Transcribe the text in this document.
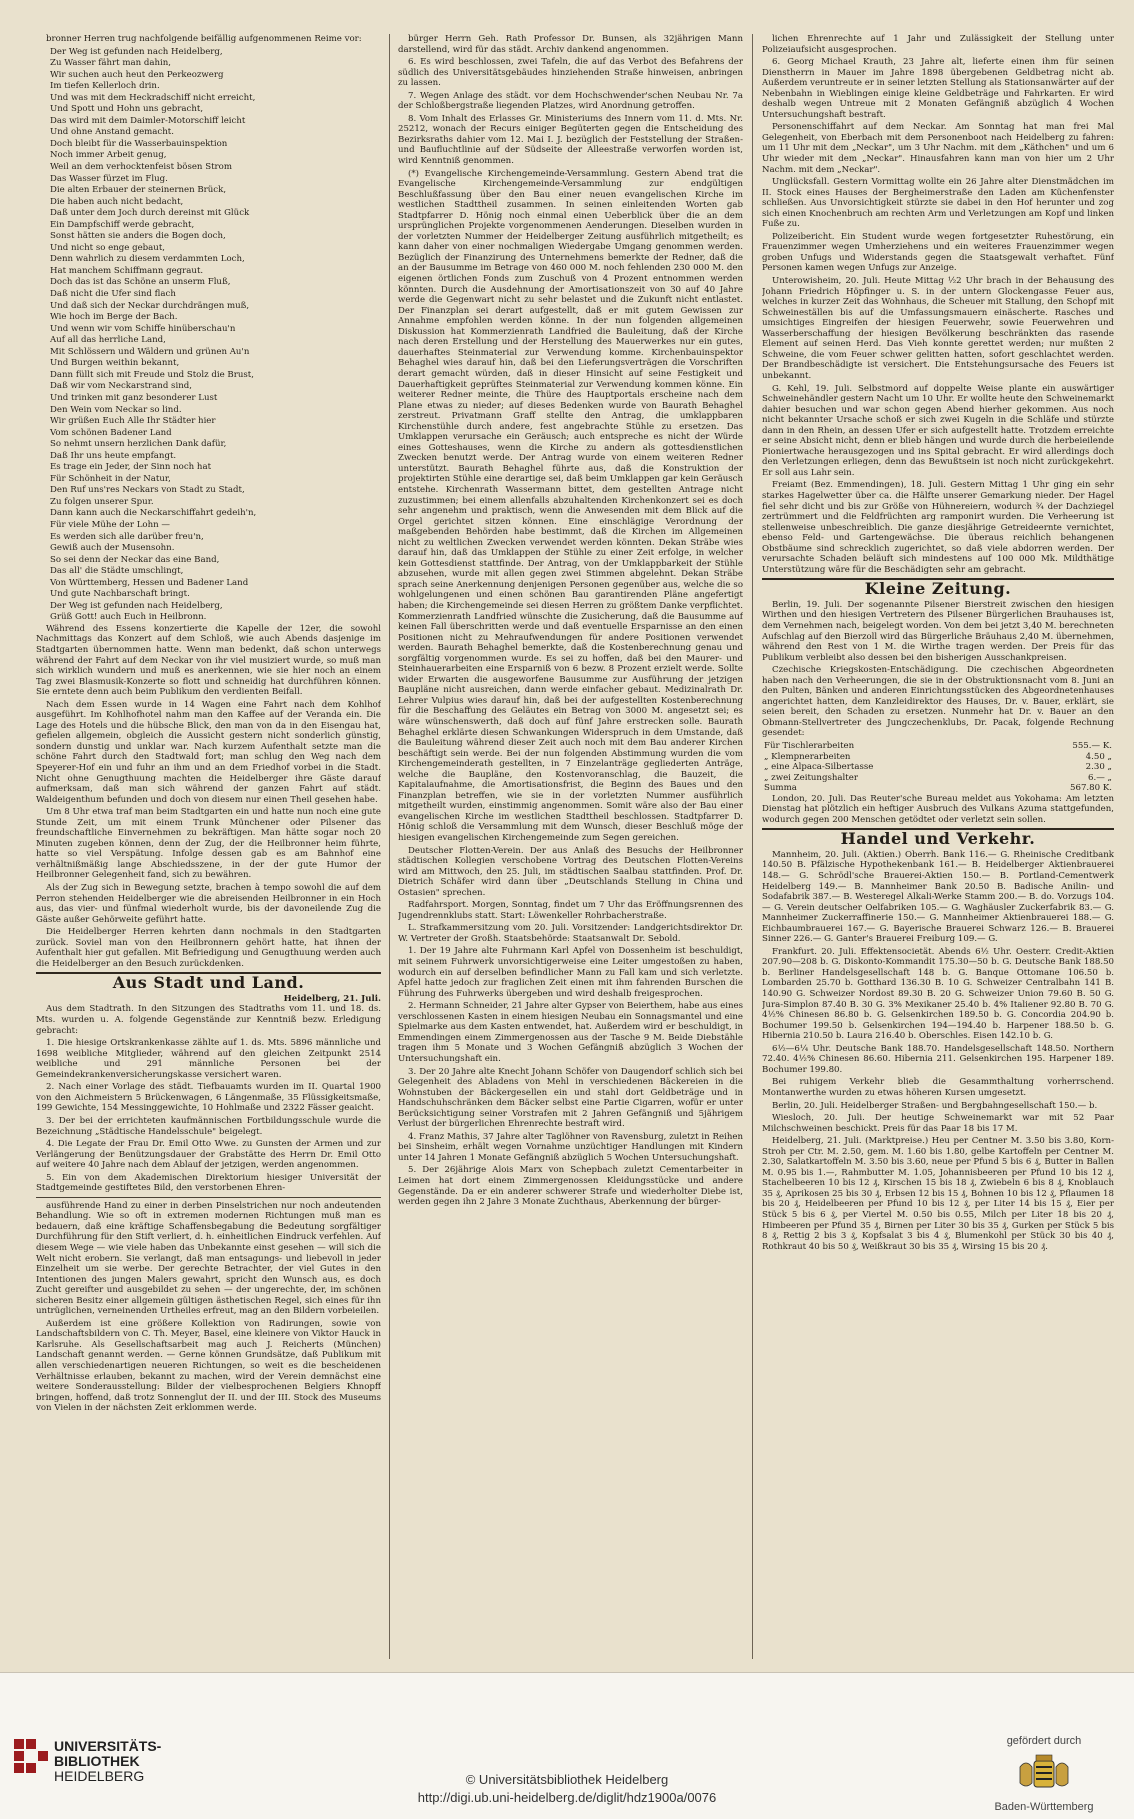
bronner Herren trug nachfolgende beifällig aufgenommenen Reime vor:

Der Weg ist gefunden nach Heidelberg,

Zu Wasser fährt man dahin,

Wir suchen auch heut den Perkeozwerg

Im tiefen Kellerloch drin.

Und was mit dem Heckradschiff nicht erreicht,

Und Spott und Hohn uns gebracht,

Das wird mit dem Daimler-Motorschiff leicht

Und ohne Anstand gemacht.

Doch bleibt für die Wasserbauinspektion

Noch immer Arbeit genug,

Weil an dem verhocktenfeist bösen Strom

Das Wasser fürzet im Flug.

Die alten Erbauer der steinernen Brück,

Die haben auch nicht bedacht,

Daß unter dem Joch durch dereinst mit Glück

Ein Dampfschiff werde gebracht,

Sonst hätten sie anders die Bogen doch,

Und nicht so enge gebaut,

Denn wahrlich zu diesem verdammten Loch,

Hat manchem Schiffmann gegraut.

Doch das ist das Schöne an unserm Fluß,

Daß nicht die Ufer sind flach

Und daß sich der Neckar durchdrängen muß,

Wie hoch im Berge der Bach.

Und wenn wir vom Schiffe hinüberschau'n

Auf all das herrliche Land,

Mit Schlössern und Wäldern und grünen Au'n

Und Burgen weithin bekannt,

Dann füllt sich mit Freude und Stolz die Brust,

Daß wir vom Neckarstrand sind,

Und trinken mit ganz besonderer Lust

Den Wein vom Neckar so lind.

Wir grüßen Euch Alle Ihr Städter hier

Vom schönen Badener Land

So nehmt unsern herzlichen Dank dafür,

Daß Ihr uns heute empfangt.

Es trage ein Jeder, der Sinn noch hat

Für Schönheit in der Natur,

Den Ruf uns'res Neckars von Stadt zu Stadt,

Zu folgen unserer Spur.

Dann kann auch die Neckarschiffahrt gedeih'n,

Für viele Mühe der Lohn —

Es werden sich alle darüber freu'n,

Gewiß auch der Musensohn.

So sei denn der Neckar das eine Band,

Das all' die Städte umschlingt,

Von Württemberg, Hessen und Badener Land

Und gute Nachbarschaft bringt.

Der Weg ist gefunden nach Heidelberg,

Grüß Gott! auch Euch in Heilbronn.

Während des Essens konzertierte die Kapelle der 12er, die sowohl Nachmittags das Konzert auf dem Schloß, wie auch Abends dasjenige im Stadtgarten übernommen hatte. Wenn man bedenkt, daß schon unterwegs während der Fahrt auf dem Neckar von ihr viel musiziert wurde, so muß man sich wirklich wundern und muß es anerkennen, wie sie hier noch an einem Tag zwei Blasmusik-Konzerte so flott und schneidig hat durchführen können. Sie erntete denn auch beim Publikum den verdienten Beifall.

Nach dem Essen wurde in 14 Wagen eine Fahrt nach dem Kohlhof ausgeführt. Im Kohlhofhotel nahm man den Kaffee auf der Veranda ein. Die Lage des Hotels und die hübsche Blick, den man von da in den Eisengau hat, gefielen allgemein, obgleich die Aussicht gestern nicht sonderlich günstig, sondern dunstig und unklar war. Nach kurzem Aufenthalt setzte man die schöne Fahrt durch den Stadtwald fort; man schlug den Weg nach dem Speyerer-Hof ein und fuhr an ihm und an dem Friedhof vorbei in die Stadt. Nicht ohne Genugthuung machten die Heidelberger ihre Gäste darauf aufmerksam, daß man sich während der ganzen Fahrt auf städt. Waldeigenthum befunden und doch von diesem nur einen Theil gesehen habe.

Um 8 Uhr etwa traf man beim Stadtgarten ein und hatte nun noch eine gute Stunde Zeit, um mit einem Trunk Münchener oder Pilsener das freundschaftliche Einvernehmen zu bekräftigen. Man hätte sogar noch 20 Minuten zugeben können, denn der Zug, der die Heilbronner heim führte, hatte so viel Verspätung. Infolge dessen gab es am Bahnhof eine verhältnißmäßig lange Abschiedsszene, in der der gute Humor der Heilbronner Gelegenheit fand, sich zu bewähren.

Als der Zug sich in Bewegung setzte, brachen à tempo sowohl die auf dem Perron stehenden Heidelberger wie die abreisenden Heilbronner in ein Hoch aus, das vier- und fünfmal wiederholt wurde, bis der davoneilende Zug die Gäste außer Gehörweite geführt hatte.

Die Heidelberger Herren kehrten dann nochmals in den Stadtgarten zurück. Soviel man von den Heilbronnern gehört hatte, hat ihnen der Aufenthalt hier gut gefallen. Mit Befriedigung und Genugthuung werden auch die Heidelberger an den Besuch zurückdenken.

Aus Stadt und Land.
Heidelberg, 21. Juli.

Aus dem Stadtrath. In den Sitzungen des Stadtraths vom 11. und 18. ds. Mts. wurden u. A. folgende Gegenstände zur Kenntniß bezw. Erledigung gebracht:

1. Die hiesige Ortskrankenkasse zählte auf 1. ds. Mts. 5896 männliche und 1698 weibliche Mitglieder, während auf den gleichen Zeitpunkt 2514 weibliche und 291 männliche Personen bei der Gemeindekrankenversicherungskasse versichert waren.

2. Nach einer Vorlage des städt. Tiefbauamts wurden im II. Quartal 1900 von den Aichmeistern 5 Brückenwagen, 6 Längenmaße, 35 Flüssigkeitsmaße, 199 Gewichte, 154 Messinggewichte, 10 Hohlmaße und 2322 Fässer geaicht.

3. Der bei der errichteten kaufmännischen Fortbildungsschule wurde die Bezeichnung „Städtische Handelsschule" beigelegt.

4. Die Legate der Frau Dr. Emil Otto Wwe. zu Gunsten der Armen und zur Verlängerung der Benützungsdauer der Grabstätte des Herrn Dr. Emil Otto auf weitere 40 Jahre nach dem Ablauf der jetzigen, werden angenommen.

5. Ein von dem Akademischen Direktorium hiesiger Universität der Stadtgemeinde gestiftetes Bild, den verstorbenen Ehren-

ausführende Hand zu einer in derben Pinselstrichen nur noch andeutenden Behandlung. Wie so oft in extremen modernen Richtungen muß man es bedauern, daß eine kräftige Schaffensbegabung die Bedeutung sorgfältiger Durchführung für den Stift verliert, d. h. einheitlichen Eindruck verfehlen. Auf diesem Wege — wie viele haben das Unbekannte einst gesehen — will sich die Welt nicht erobern. Sie verlangt, daß man entsagungs- und liebevoll in jeder Einzelheit um sie werbe. Der gerechte Betrachter, der viel Gutes in den Intentionen des jungen Malers gewahrt, spricht den Wunsch aus, es doch Zucht gereifter und ausgebildet zu sehen — der ungerechte, der, im schönen sicheren Besitz einer allgemein gültigen ästhetischen Regel, sich eines für ihn untrüglichen, verneinenden Urtheiles erfreut, mag an den Bildern vorbeieilen.

Außerdem ist eine größere Kollektion von Radirungen, sowie von Landschaftsbildern von C. Th. Meyer, Basel, eine kleinere von Viktor Hauck in Karlsruhe. Als Gesellschaftsarbeit mag auch J. Reicherts (München) Landschaft genannt werden. — Gerne können Grundsätze, daß Publikum mit allen verschiedenartigen neueren Richtungen, so weit es die bescheidenen Verhältnisse erlauben, bekannt zu machen, wird der Verein demnächst eine weitere Sonderausstellung: Bilder der vielbesprochenen Belgiers Khnopff bringen, hoffend, daß trotz Sonnenglut der II. und der III. Stock des Museums von Vielen in der nächsten Zeit erklommen werde.

bürger Herrn Geh. Rath Professor Dr. Bunsen, als 32jährigen Mann darstellend, wird für das städt. Archiv dankend angenommen.

6. Es wird beschlossen, zwei Tafeln, die auf das Verbot des Befahrens der südlich des Universitätsgebäudes hinziehenden Straße hinweisen, anbringen zu lassen.

7. Wegen Anlage des städt. vor dem Hochschwender'schen Neubau Nr. 7a der Schloßbergstraße liegenden Platzes, wird Anordnung getroffen.

8. Vom Inhalt des Erlasses Gr. Ministeriums des Innern vom 11. d. Mts. Nr. 25212, wonach der Recurs einiger Begüterten gegen die Entscheidung des Bezirksraths dahier vom 12. Mai I. J. bezüglich der Feststellung der Straßen- und Baufluchtlinie auf der Südseite der Alleestraße verworfen worden ist, wird Kenntniß genommen.

(*) Evangelische Kirchengemeinde-Versammlung. Gestern Abend trat die Evangelische Kirchengemeinde-Versammlung zur endgültigen Beschlußfassung über den Bau einer neuen evangelischen Kirche im westlichen Stadttheil zusammen. In seinen einleitenden Worten gab Stadtpfarrer D. Hönig noch einmal einen Ueberblick über die an dem ursprünglichen Projekte vorgenommenen Aenderungen. Dieselben wurden in der vorletzten Nummer der Heidelberger Zeitung ausführlich mitgetheilt; es kann daher von einer nochmaligen Wiedergabe Umgang genommen werden. Bezüglich der Finanzirung des Unternehmens bemerkte der Redner, daß die an der Bausumme im Betrage von 460 000 M. noch fehlenden 230 000 M. den eigenen örtlichen Fonds zum Zuschuß von 4 Prozent entnommen werden könnten. Durch die Ausdehnung der Amortisationszeit von 30 auf 40 Jahre werde die Gegenwart nicht zu sehr belastet und die Zukunft nicht entlastet. Der Finanzplan sei derart aufgestellt, daß er mit gutem Gewissen zur Annahme empfohlen werden könne. In der nun folgenden allgemeinen Diskussion hat Kommerzienrath Landfried die Bauleitung, daß der Kirche nach deren Erstellung und der Herstellung des Mauerwerkes nur ein gutes, dauerhaftes Steinmaterial zur Verwendung komme. Kirchenbauinspektor Behaghel wies darauf hin, daß bei den Lieferungsverträgen die Vorschriften derart gemacht würden, daß in dieser Hinsicht auf seine Festigkeit und Dauerhaftigkeit geprüftes Steinmaterial zur Verwendung kommen könne. Ein weiterer Redner meinte, die Thüre des Hauptportals erscheine nach dem Plane etwas zu nieder; auf dieses Bedenken wurde von Baurath Behaghel zerstreut. Privatmann Graff stellte den Antrag, die umklappbaren Kirchenstühle durch andere, fest angebrachte Stühle zu ersetzen. Das Umklappen verursache ein Geräusch; auch entspreche es nicht der Würde eines Gotteshauses, wenn die Kirche zu andern als gottesdienstlichen Zwecken benutzt werde. Der Antrag wurde von einem weiteren Redner unterstützt. Baurath Behaghel führte aus, daß die Konstruktion der projektirten Stühle eine derartige sei, daß beim Umklappen gar kein Geräusch entstehe. Kirchenrath Wassermann bittet, dem gestellten Antrage nicht zuzustimmen; bei einem allenfalls abzuhaltenden Kirchenkonzert sei es doch sehr angenehm und praktisch, wenn die Anwesenden mit dem Blick auf die Orgel gerichtet sitzen können. Eine einschlägige Verordnung der maßgebenden Behörden habe bestimmt, daß die Kirchen im Allgemeinen nicht zu weltlichen Zwecken verwendet werden könnten. Dekan Sträbe wies darauf hin, daß das Umklappen der Stühle zu einer Zeit erfolge, in welcher kein Gottesdienst stattfinde. Der Antrag, von der Umklappbarkeit der Stühle abzusehen, wurde mit allen gegen zwei Stimmen abgelehnt. Dekan Sträbe sprach seine Anerkennung denjenigen Personen gegenüber aus, welche die so wohlgelungenen und einen schönen Bau garantirenden Pläne angefertigt haben; die Kirchengemeinde sei diesen Herren zu größtem Danke verpflichtet. Kommerzienrath Landfried wünschte die Zusicherung, daß die Bausumme auf keinen Fall überschritten werde und daß eventuelle Ersparnisse an den einen Positionen nicht zu Mehraufwendungen für andere Positionen verwendet werden. Baurath Behaghel bemerkte, daß die Kostenberechnung genau und sorgfältig vorgenommen wurde. Es sei zu hoffen, daß bei den Maurer- und Steinhauerarbeiten eine Ersparniß von 6 bezw. 8 Prozent erzielt werde. Sollte wider Erwarten die ausgeworfene Bausumme zur Ausführung der jetzigen Baupläne nicht ausreichen, dann werde einfacher gebaut. Medizinalrath Dr. Lehrer Vulpius wies darauf hin, daß bei der aufgestellten Kostenberechnung für die Beschaffung des Geläutes ein Betrag von 3000 M. angesetzt sei; es wäre wünschenswerth, daß doch auf fünf Jahre erstrecken solle. Baurath Behaghel erklärte diesen Schwankungen Widerspruch in dem Umstande, daß die Bauleitung während dieser Zeit auch noch mit dem Bau anderer Kirchen beschäftigt sein werde. Bei der nun folgenden Abstimmung wurden die vom Kirchengemeinderath gestellten, in 7 Einzelanträge gegliederten Anträge, welche die Baupläne, den Kostenvoranschlag, die Bauzeit, die Kapitalaufnahme, die Amortisationsfrist, die Beginn des Baues und den Finanzplan betreffen, wie sie in der vorletzten Nummer ausführlich mitgetheilt wurden, einstimmig angenommen. Somit wäre also der Bau einer evangelischen Kirche im westlichen Stadttheil beschlossen. Stadtpfarrer D. Hönig schloß die Versammlung mit dem Wunsch, dieser Beschluß möge der hiesigen evangelischen Kirchengemeinde zum Segen gereichen.

Deutscher Flotten-Verein. Der aus Anlaß des Besuchs der Heilbronner städtischen Kollegien verschobene Vortrag des Deutschen Flotten-Vereins wird am Mittwoch, den 25. Juli, im städtischen Saalbau stattfinden. Prof. Dr. Dietrich Schäfer wird dann über „Deutschlands Stellung in China und Ostasien" sprechen.

Radfahrsport. Morgen, Sonntag, findet um 7 Uhr das Eröffnungsrennen des Jugendrennklubs statt. Start: Löwenkeller Rohrbacherstraße.

L. Strafkammersitzung vom 20. Juli. Vorsitzender: Landgerichtsdirektor Dr. W. Vertreter der Großh. Staatsbehörde: Staatsanwalt Dr. Sebold.

1. Der 19 Jahre alte Fuhrmann Karl Apfel von Dossenheim ist beschuldigt, mit seinem Fuhrwerk unvorsichtigerweise eine Leiter umgestoßen zu haben, wodurch ein auf derselben befindlicher Mann zu Fall kam und sich verletzte. Apfel hatte jedoch zur fraglichen Zeit einen mit ihm fahrenden Burschen die Führung des Fuhrwerks übergeben und wird deshalb freigesprochen.

2. Hermann Schneider, 21 Jahre alter Gypser von Beierthem, habe aus eines verschlossenen Kasten in einem hiesigen Neubau ein Sonnagsmantel und eine Spielmarke aus dem Kasten entwendet, hat. Außerdem wird er beschuldigt, in Emmendingen einem Zimmergenossen aus der Tasche 9 M. Beide Diebstähle tragen ihm 5 Monate und 3 Wochen Gefängniß abzüglich 3 Wochen der Untersuchungshaft ein.

3. Der 20 Jahre alte Knecht Johann Schöfer von Daugendorf schlich sich bei Gelegenheit des Abladens von Mehl in verschiedenen Bäckereien in die Wohnstuben der Bäckergesellen ein und stahl dort Geldbeträge und in Handschuhschränken dem Bäcker selbst eine Partie Cigarren, wofür er unter Berücksichtigung seiner Vorstrafen mit 2 Jahren Gefängniß und 5jährigem Verlust der bürgerlichen Ehrenrechte bestraft wird.

4. Franz Mathis, 37 Jahre alter Taglöhner von Ravensburg, zuletzt in Reihen bei Sinsheim, erhält wegen Vornahme unzüchtiger Handlungen mit Kindern unter 14 Jahren 1 Monate Gefängniß abzüglich 5 Wochen Untersuchungshaft.

5. Der 26jährige Alois Marx von Schepbach zuletzt Cementarbeiter in Leimen hat dort einem Zimmergenossen Kleidungsstücke und andere Gegenstände. Da er ein anderer schwerer Strafe und wiederholter Diebe ist, werden gegen ihn 2 Jahre 3 Monate Zuchthaus, Aberkennung der bürger-

lichen Ehrenrechte auf 1 Jahr und Zulässigkeit der Stellung unter Polizeiaufsicht ausgesprochen.

6. Georg Michael Krauth, 23 Jahre alt, lieferte einen ihm für seinen Dienstherrn in Mauer im Jahre 1898 übergebenen Geldbetrag nicht ab. Außerdem veruntreute er in seiner letzten Stellung als Stationsanwärter auf der Nebenbahn in Wieblingen einige kleine Geldbeträge und Fahrkarten. Er wird deshalb wegen Untreue mit 2 Monaten Gefängniß abzüglich 4 Wochen Untersuchungshaft bestraft.

Personenschiffahrt auf dem Neckar. Am Sonntag hat man frei Mal Gelegenheit, von Eberbach mit dem Personenboot nach Heidelberg zu fahren: um 11 Uhr mit dem „Neckar", um 3 Uhr Nachm. mit dem „Käthchen" und um 6 Uhr wieder mit dem „Neckar". Hinausfahren kann man von hier um 2 Uhr Nachm. mit dem „Neckar".

Unglücksfall. Gestern Vormittag wollte ein 26 Jahre alter Dienstmädchen im II. Stock eines Hauses der Bergheimerstraße den Laden am Küchenfenster schließen. Aus Unvorsichtigkeit stürzte sie dabei in den Hof herunter und zog sich einen Knochenbruch am rechten Arm und Verletzungen am Kopf und linken Fuße zu.

Polizeibericht. Ein Student wurde wegen fortgesetzter Ruhestörung, ein Frauenzimmer wegen Umherziehens und ein weiteres Frauenzimmer wegen groben Unfugs und Widerstands gegen die Staatsgewalt verhaftet. Fünf Personen kamen wegen Unfugs zur Anzeige.

Unterowisheim, 20. Juli. Heute Mittag ½2 Uhr brach in der Behausung des Johann Friedrich Höpfinger u. S. in der untern Glockengasse Feuer aus, welches in kurzer Zeit das Wohnhaus, die Scheuer mit Stallung, den Schopf mit Schweineställen bis auf die Umfassungsmauern einäscherte. Rasches und umsichtiges Eingreifen der hiesigen Feuerwehr, sowie Feuerwehren und Wasserberschaffung der hiesigen Bevölkerung beschränkten das rasende Element auf seinen Herd. Das Vieh konnte gerettet werden; nur mußten 2 Schweine, die vom Feuer schwer gelitten hatten, sofort geschlachtet werden. Der Brandbeschädigte ist versichert. Die Entstehungsursache des Feuers ist unbekannt.

G. Kehl, 19. Juli. Selbstmord auf doppelte Weise plante ein auswärtiger Schweinehändler gestern Nacht um 10 Uhr. Er wollte heute den Schweinemarkt dahier besuchen und war schon gegen Abend hierher gekommen. Aus noch nicht bekannter Ursache schoß er sich zwei Kugeln in die Schläfe und stürzte dann in den Rhein, an dessen Ufer er sich aufgestellt hatte. Trotzdem erreichte er seine Absicht nicht, denn er blieb hängen und wurde durch die herbeieilende Pioniertwache herausgezogen und ins Spital gebracht. Er wird allerdings doch den Verletzungen erliegen, denn das Bewußtsein ist noch nicht zurückgekehrt. Er soll aus Lahr sein.

Freiamt (Bez. Emmendingen), 18. Juli. Gestern Mittag 1 Uhr ging ein sehr starkes Hagelwetter über ca. die Hälfte unserer Gemarkung nieder. Der Hagel fiel sehr dicht und bis zur Größe von Hühnereiern, wodurch ¾ der Dachziegel zertrümmert und die Feldfrüchten arg ramponirt wurden. Die Verheerung ist stellenweise unbeschreiblich. Die ganze diesjährige Getreideernte vernichtet, ebenso Feld- und Gartengewächse. Die überaus reichlich behangenen Obstbäume sind schrecklich zugerichtet, so daß viele abdorren werden. Der verursachte Schaden beläuft sich mindestens auf 100 000 Mk. Mildthätige Unterstützung wäre für die Beschädigten sehr am gebracht.

Kleine Zeitung.

Berlin, 19. Juli. Der sogenannte Pilsener Bierstreit zwischen den hiesigen Wirthen und den hiesigen Vertretern des Pilsener Bürgerlichen Brauhauses ist, dem Vernehmen nach, beigelegt worden. Von dem bei jetzt 3,40 M. berechneten Aufschlag auf den Bierzoll wird das Bürgerliche Bräuhaus 2,40 M. übernehmen, während den Rest von 1 M. die Wirthe tragen werden. Der Preis für das Publikum verbleibt also dessen bei den bisherigen Ausschankpreisen.

Czechische Kriegskosten-Entschädigung. Die czechischen Abgeordneten haben nach den Verheerungen, die sie in der Obstruktionsnacht vom 8. Juni an den Pulten, Bänken und anderen Einrichtungsstücken des Abgeordnetenhauses angerichtet hatten, dem Kanzleidirektor des Hauses, Dr. v. Bauer, erklärt, sie seien bereit, den Schaden zu ersetzen. Nunmehr hat Dr. v. Bauer an den Obmann-Stellvertreter des Jungczechenklubs, Dr. Pacak, folgende Rechnung gesendet:

Für Tischlerarbeiten	555.— K.
„ Klempnerarbeiten	4.50 „
„ eine Alpaca-Silbertasse	2.30 „
„ zwei Zeitungshalter	6.— „
Summa	567.80 K.

London, 20. Juli. Das Reuter'sche Bureau meldet aus Yokohama: Am letzten Dienstag hat plötzlich ein heftiger Ausbruch des Vulkans Azuma stattgefunden, wodurch gegen 200 Menschen getödtet oder verletzt sein sollen.

Handel und Verkehr.

Mannheim, 20. Juli. (Aktien.) Oberrh. Bank 116.— G. Rheinische Creditbank 140.50 B. Pfälzische Hypothekenbank 161.— B. Heidelberger Aktienbrauerei 148.— G. Schrödl'sche Brauerei-Aktien 150.— B. Portland-Cementwerk Heidelberg 149.— B. Mannheimer Bank 20.50 B. Badische Anilin- und Sodafabrik 387.— B. Westeregel Alkali-Werke Stamm 200.— B. do. Vorzugs 104.— G. Verein deutscher Oelfabriken 105.— G. Waghäusler Zuckerfabrik 83.— G. Mannheimer Zuckerraffinerie 150.— G. Mannheimer Aktienbrauerei 188.— G. Eichbaumbrauerei 167.— G. Bayerische Brauerei Schwarz 126.— B. Brauerei Sinner 226.— G. Ganter's Brauerei Freiburg 109.— G.

Frankfurt. 20. Juli. Effektensocietät. Abends 6½ Uhr. Oesterr. Credit-Aktien 207.90—208 b. G. Diskonto-Kommandit 175.30—50 b. G. Deutsche Bank 188.50 b. Berliner Handelsgesellschaft 148 b. G. Banque Ottomane 106.50 b. Lombarden 25.70 b. Gotthard 136.30 B. 10 G. Schweizer Centralbahn 141 B. 140.90 G. Schweizer Nordost 89.30 B. 20 G. Schweizer Union 79.60 B. 50 G. Jura-Simplon 87.40 B. 30 G. 3% Mexikaner 25.40 b. 4% Italiener 92.80 B. 70 G. 4½% Chinesen 86.80 b. G. Gelsenkirchen 189.50 b. G. Concordia 204.90 b. Bochumer 199.50 b. Gelsenkirchen 194—194.40 b. Harpener 188.50 b. G. Hibernia 210.50 b. Laura 216.40 b. Oberschles. Eisen 142.10 b. G.

6½—6¼ Uhr. Deutsche Bank 188.70. Handelsgesellschaft 148.50. Northern 72.40. 4½% Chinesen 86.60. Hibernia 211. Gelsenkirchen 195. Harpener 189. Bochumer 199.80.

Bei ruhigem Verkehr blieb die Gesammthaltung vorherrschend. Montanwerthe wurden zu etwas höheren Kursen umgesetzt.

Berlin, 20. Juli. Heidelberger Straßen- und Bergbahngesellschaft 150.— b.

Wiesloch, 20. Juli. Der heutige Schweinemarkt war mit 52 Paar Milchschweinen beschickt. Preis für das Paar 18 bis 17 M.

Heidelberg, 21. Juli. (Marktpreise.) Heu per Centner M. 3.50 bis 3.80, Korn-Stroh per Ctr. M. 2.50, gem. M. 1.60 bis 1.80, gelbe Kartoffeln per Centner M. 2.30, Salatkartoffeln M. 3.50 bis 3.60, neue per Pfund 5 bis 6 ₰, Butter in Ballen M. 0.95 bis 1.—, Rahmbutter M. 1.05, Johannisbeeren per Pfund 10 bis 12 ₰, Stachelbeeren 10 bis 12 ₰, Kirschen 15 bis 18 ₰, Zwiebeln 6 bis 8 ₰, Knoblauch 35 ₰, Aprikosen 25 bis 30 ₰, Erbsen 12 bis 15 ₰, Bohnen 10 bis 12 ₰, Pflaumen 18 bis 20 ₰, Heidelbeeren per Pfund 10 bis 12 ₰, per Liter 14 bis 15 ₰, Eier per Stück 5 bis 6 ₰, per Viertel M. 0.50 bis 0.55, Milch per Liter 18 bis 20 ₰, Himbeeren per Pfund 35 ₰, Birnen per Liter 30 bis 35 ₰, Gurken per Stück 5 bis 8 ₰, Rettig 2 bis 3 ₰, Kopfsalat 3 bis 4 ₰, Blumenkohl per Stück 30 bis 40 ₰, Rothkraut 40 bis 50 ₰, Weißkraut 30 bis 35 ₰, Wirsing 15 bis 20 ₰.

UNIVERSITÄTS-
BIBLIOTHEK
HEIDELBERG	© Universitätsbibliothek Heidelberg
http://digi.ub.uni-heidelberg.de/diglit/hdz1900a/0076
gefördert durch
Baden-Württemberg
